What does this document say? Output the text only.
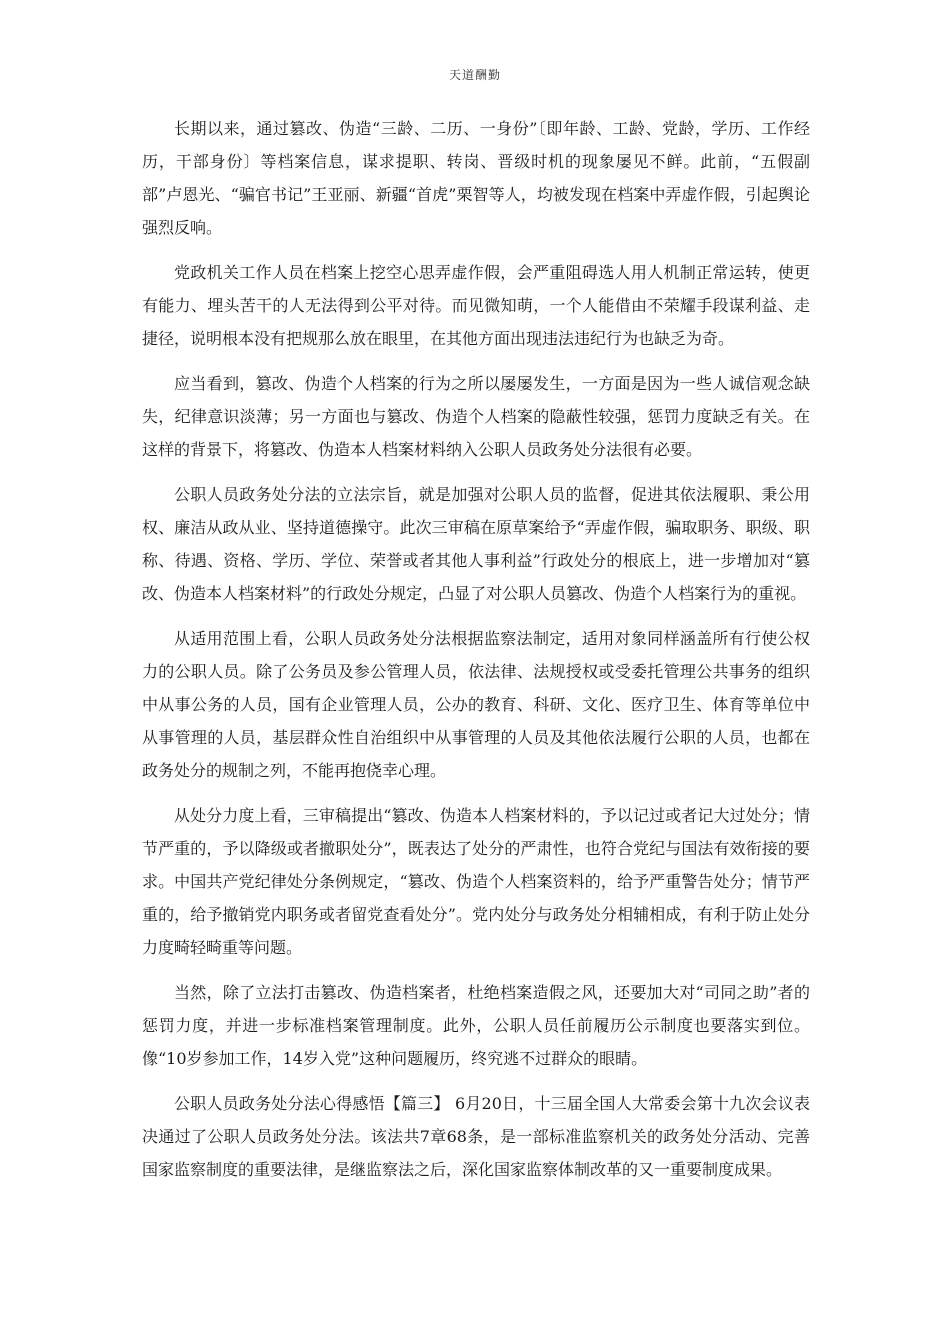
天道酬勤

长期以来，通过篡改、伪造“三龄、二历、一身份”〔即年龄、工龄、党龄，学历、工作经历，干部身份〕等档案信息，谋求提职、转岗、晋级时机的现象屡见不鲜。此前，“五假副部”卢恩光、“骗官书记”王亚丽、新疆“首虎”栗智等人，均被发现在档案中弄虚作假，引起舆论强烈反响。

党政机关工作人员在档案上挖空心思弄虚作假，会严重阻碍选人用人机制正常运转，使更有能力、埋头苦干的人无法得到公平对待。而见微知萌，一个人能借由不荣耀手段谋利益、走捷径，说明根本没有把规那么放在眼里，在其他方面出现违法违纪行为也缺乏为奇。

应当看到，篡改、伪造个人档案的行为之所以屡屡发生，一方面是因为一些人诚信观念缺失，纪律意识淡薄；另一方面也与篡改、伪造个人档案的隐蔽性较强，惩罚力度缺乏有关。在这样的背景下，将篡改、伪造本人档案材料纳入公职人员政务处分法很有必要。

公职人员政务处分法的立法宗旨，就是加强对公职人员的监督，促进其依法履职、秉公用权、廉洁从政从业、坚持道德操守。此次三审稿在原草案给予“弄虚作假，骗取职务、职级、职称、待遇、资格、学历、学位、荣誉或者其他人事利益”行政处分的根底上，进一步增加对“篡改、伪造本人档案材料”的行政处分规定，凸显了对公职人员篡改、伪造个人档案行为的重视。

从适用范围上看，公职人员政务处分法根据监察法制定，适用对象同样涵盖所有行使公权力的公职人员。除了公务员及参公管理人员，依法律、法规授权或受委托管理公共事务的组织中从事公务的人员，国有企业管理人员，公办的教育、科研、文化、医疗卫生、体育等单位中从事管理的人员，基层群众性自治组织中从事管理的人员及其他依法履行公职的人员，也都在政务处分的规制之列，不能再抱侥幸心理。

从处分力度上看，三审稿提出“篡改、伪造本人档案材料的，予以记过或者记大过处分；情节严重的，予以降级或者撤职处分”，既表达了处分的严肃性，也符合党纪与国法有效衔接的要求。中国共产党纪律处分条例规定，“篡改、伪造个人档案资料的，给予严重警告处分；情节严重的，给予撤销党内职务或者留党查看处分”。党内处分与政务处分相辅相成，有利于防止处分力度畸轻畸重等问题。

当然，除了立法打击篡改、伪造档案者，杜绝档案造假之风，还要加大对“司同之助”者的惩罚力度，并进一步标准档案管理制度。此外，公职人员任前履历公示制度也要落实到位。像“10岁参加工作，14岁入党”这种问题履历，终究逃不过群众的眼睛。

公职人员政务处分法心得感悟【篇三】 6月20日，十三届全国人大常委会第十九次会议表决通过了公职人员政务处分法。该法共7章68条，是一部标准监察机关的政务处分活动、完善国家监察制度的重要法律，是继监察法之后，深化国家监察体制改革的又一重要制度成果。
